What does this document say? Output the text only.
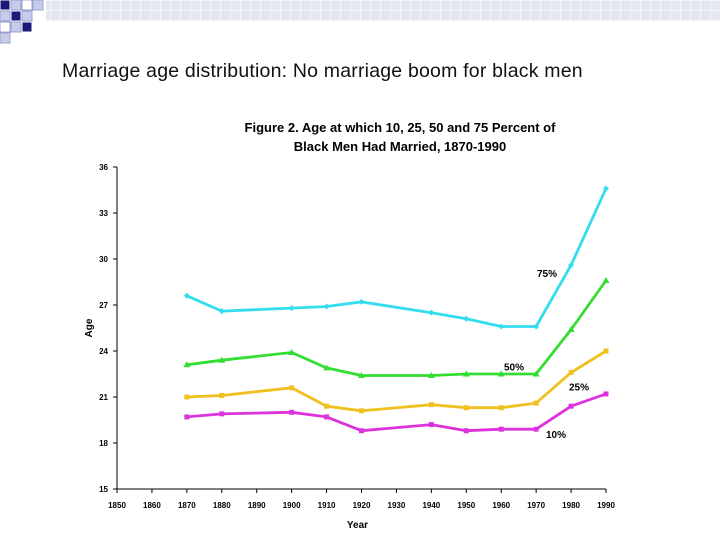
Marriage age distribution: No marriage boom for black men
Figure 2. Age at which 10, 25, 50 and 75 Percent of
Black Men Had Married, 1870-1990
15
18
21
24
27
30
33
36
1850 1860 1870 1880 1890 1900 1910 1920 1930 1940 1950 1960 1970 1980 1990
Year
Age
75%
50%
25%
10%
